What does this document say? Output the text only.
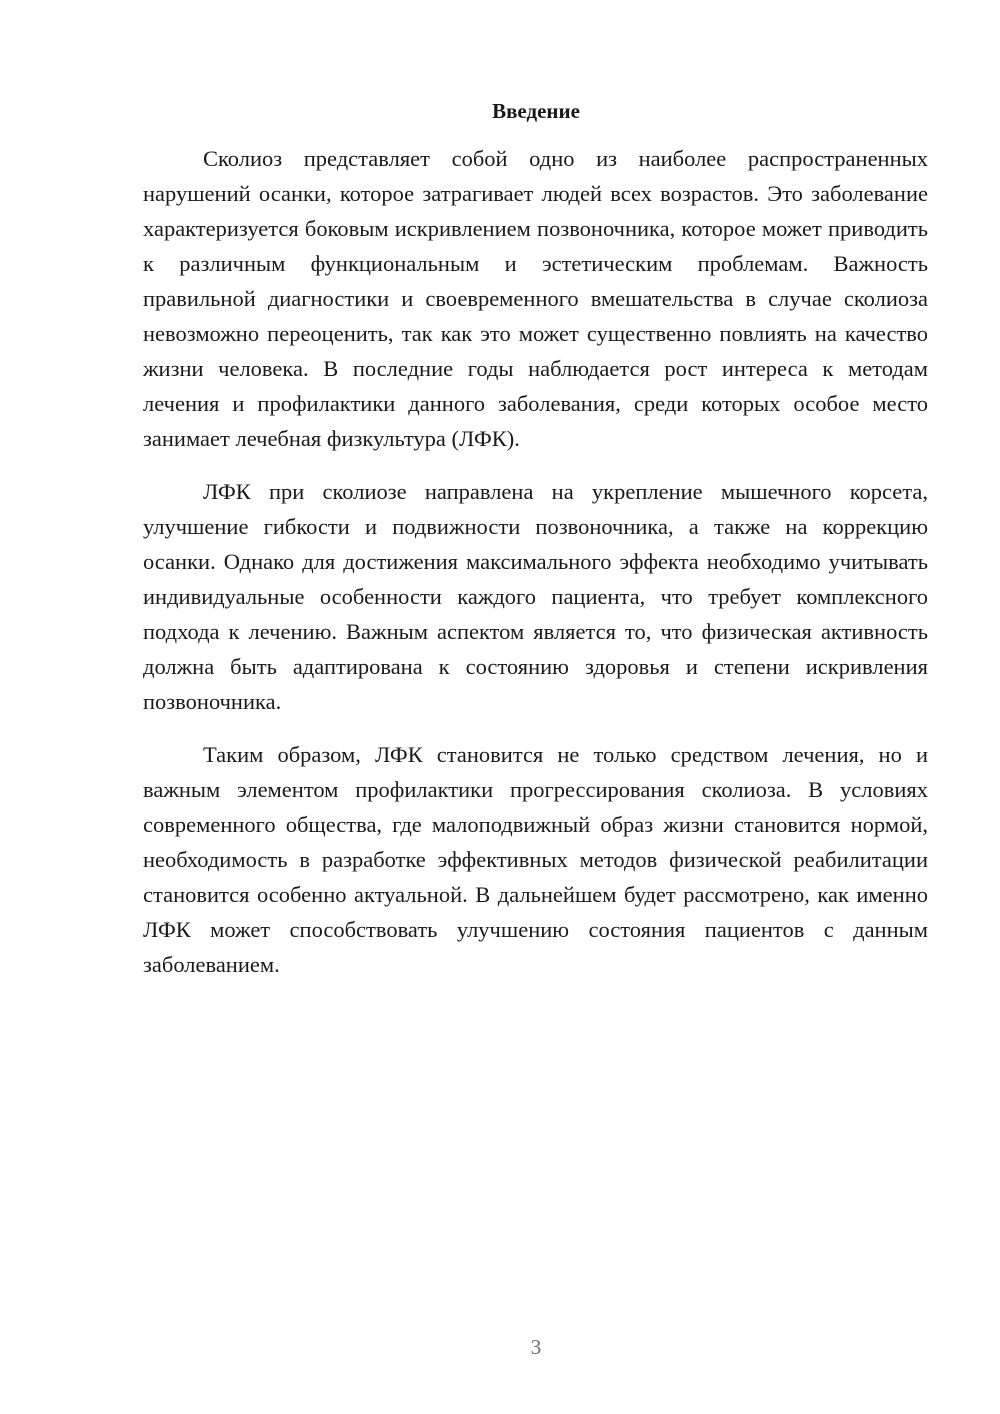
Введение

Сколиоз представляет собой одно из наиболее распространенных нарушений осанки, которое затрагивает людей всех возрастов. Это заболевание характеризуется боковым искривлением позвоночника, которое может приводить к различным функциональным и эстетическим проблемам. Важность правильной диагностики и своевременного вмешательства в случае сколиоза невозможно переоценить, так как это может существенно повлиять на качество жизни человека. В последние годы наблюдается рост интереса к методам лечения и профилактики данного заболевания, среди которых особое место занимает лечебная физкультура (ЛФК).

ЛФК при сколиозе направлена на укрепление мышечного корсета, улучшение гибкости и подвижности позвоночника, а также на коррекцию осанки. Однако для достижения максимального эффекта необходимо учитывать индивидуальные особенности каждого пациента, что требует комплексного подхода к лечению. Важным аспектом является то, что физическая активность должна быть адаптирована к состоянию здоровья и степени искривления позвоночника.

Таким образом, ЛФК становится не только средством лечения, но и важным элементом профилактики прогрессирования сколиоза. В условиях современного общества, где малоподвижный образ жизни становится нормой, необходимость в разработке эффективных методов физической реабилитации становится особенно актуальной. В дальнейшем будет рассмотрено, как именно ЛФК может способствовать улучшению состояния пациентов с данным заболеванием.

3
